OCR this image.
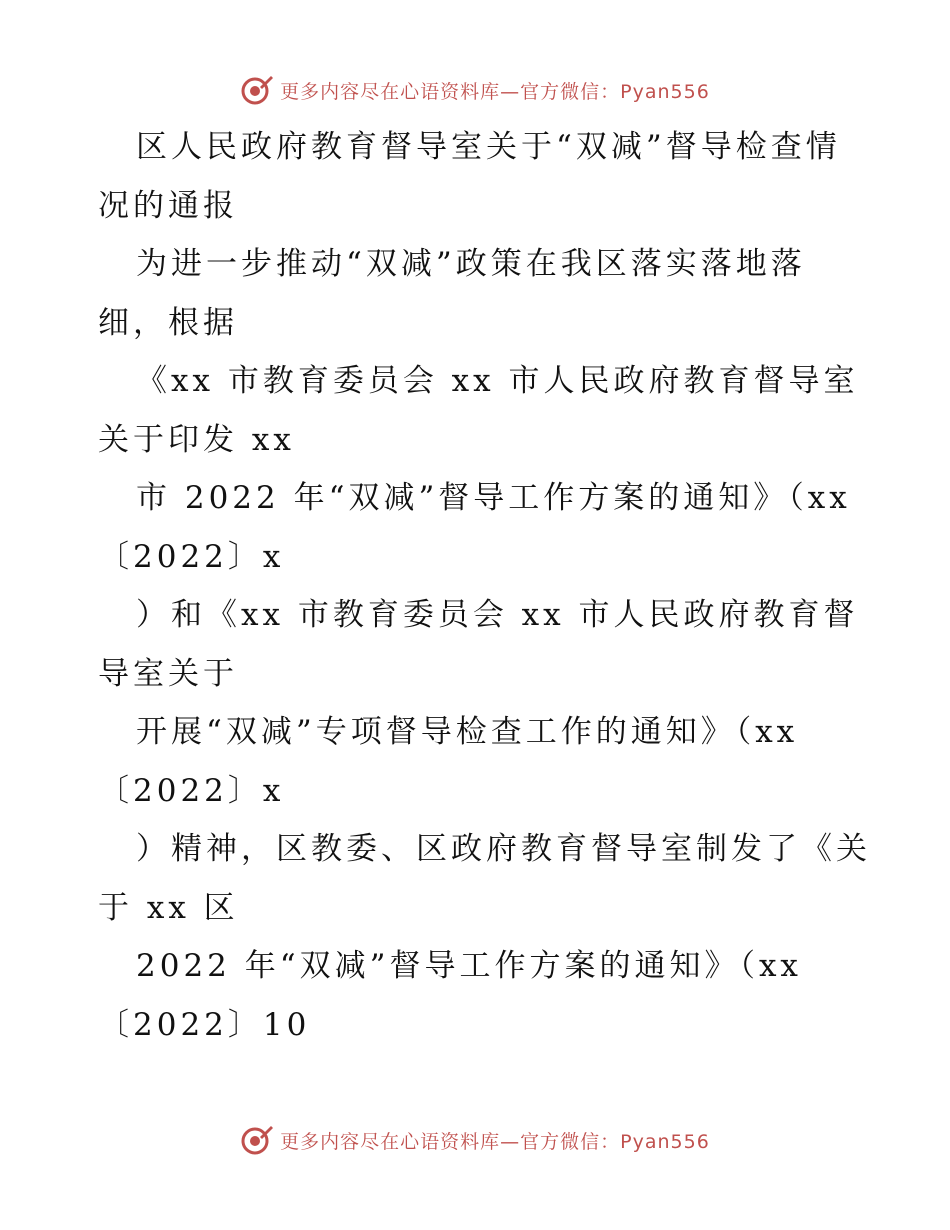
更多内容尽在心语资料库—官方微信：Pyan556
区人民政府教育督导室关于“双减”督导检查情
况的通报
为进一步推动“双减”政策在我区落实落地落
细，根据
《xx 市教育委员会 xx 市人民政府教育督导室
关于印发 xx
市 2022 年“双减”督导工作方案的通知》（xx
〔2022〕x
）和《xx 市教育委员会 xx 市人民政府教育督
导室关于
开展“双减”专项督导检查工作的通知》（xx
〔2022〕x
）精神，区教委、区政府教育督导室制发了《关
于 xx 区
2022 年“双减”督导工作方案的通知》（xx
〔2022〕10
更多内容尽在心语资料库—官方微信：Pyan556
